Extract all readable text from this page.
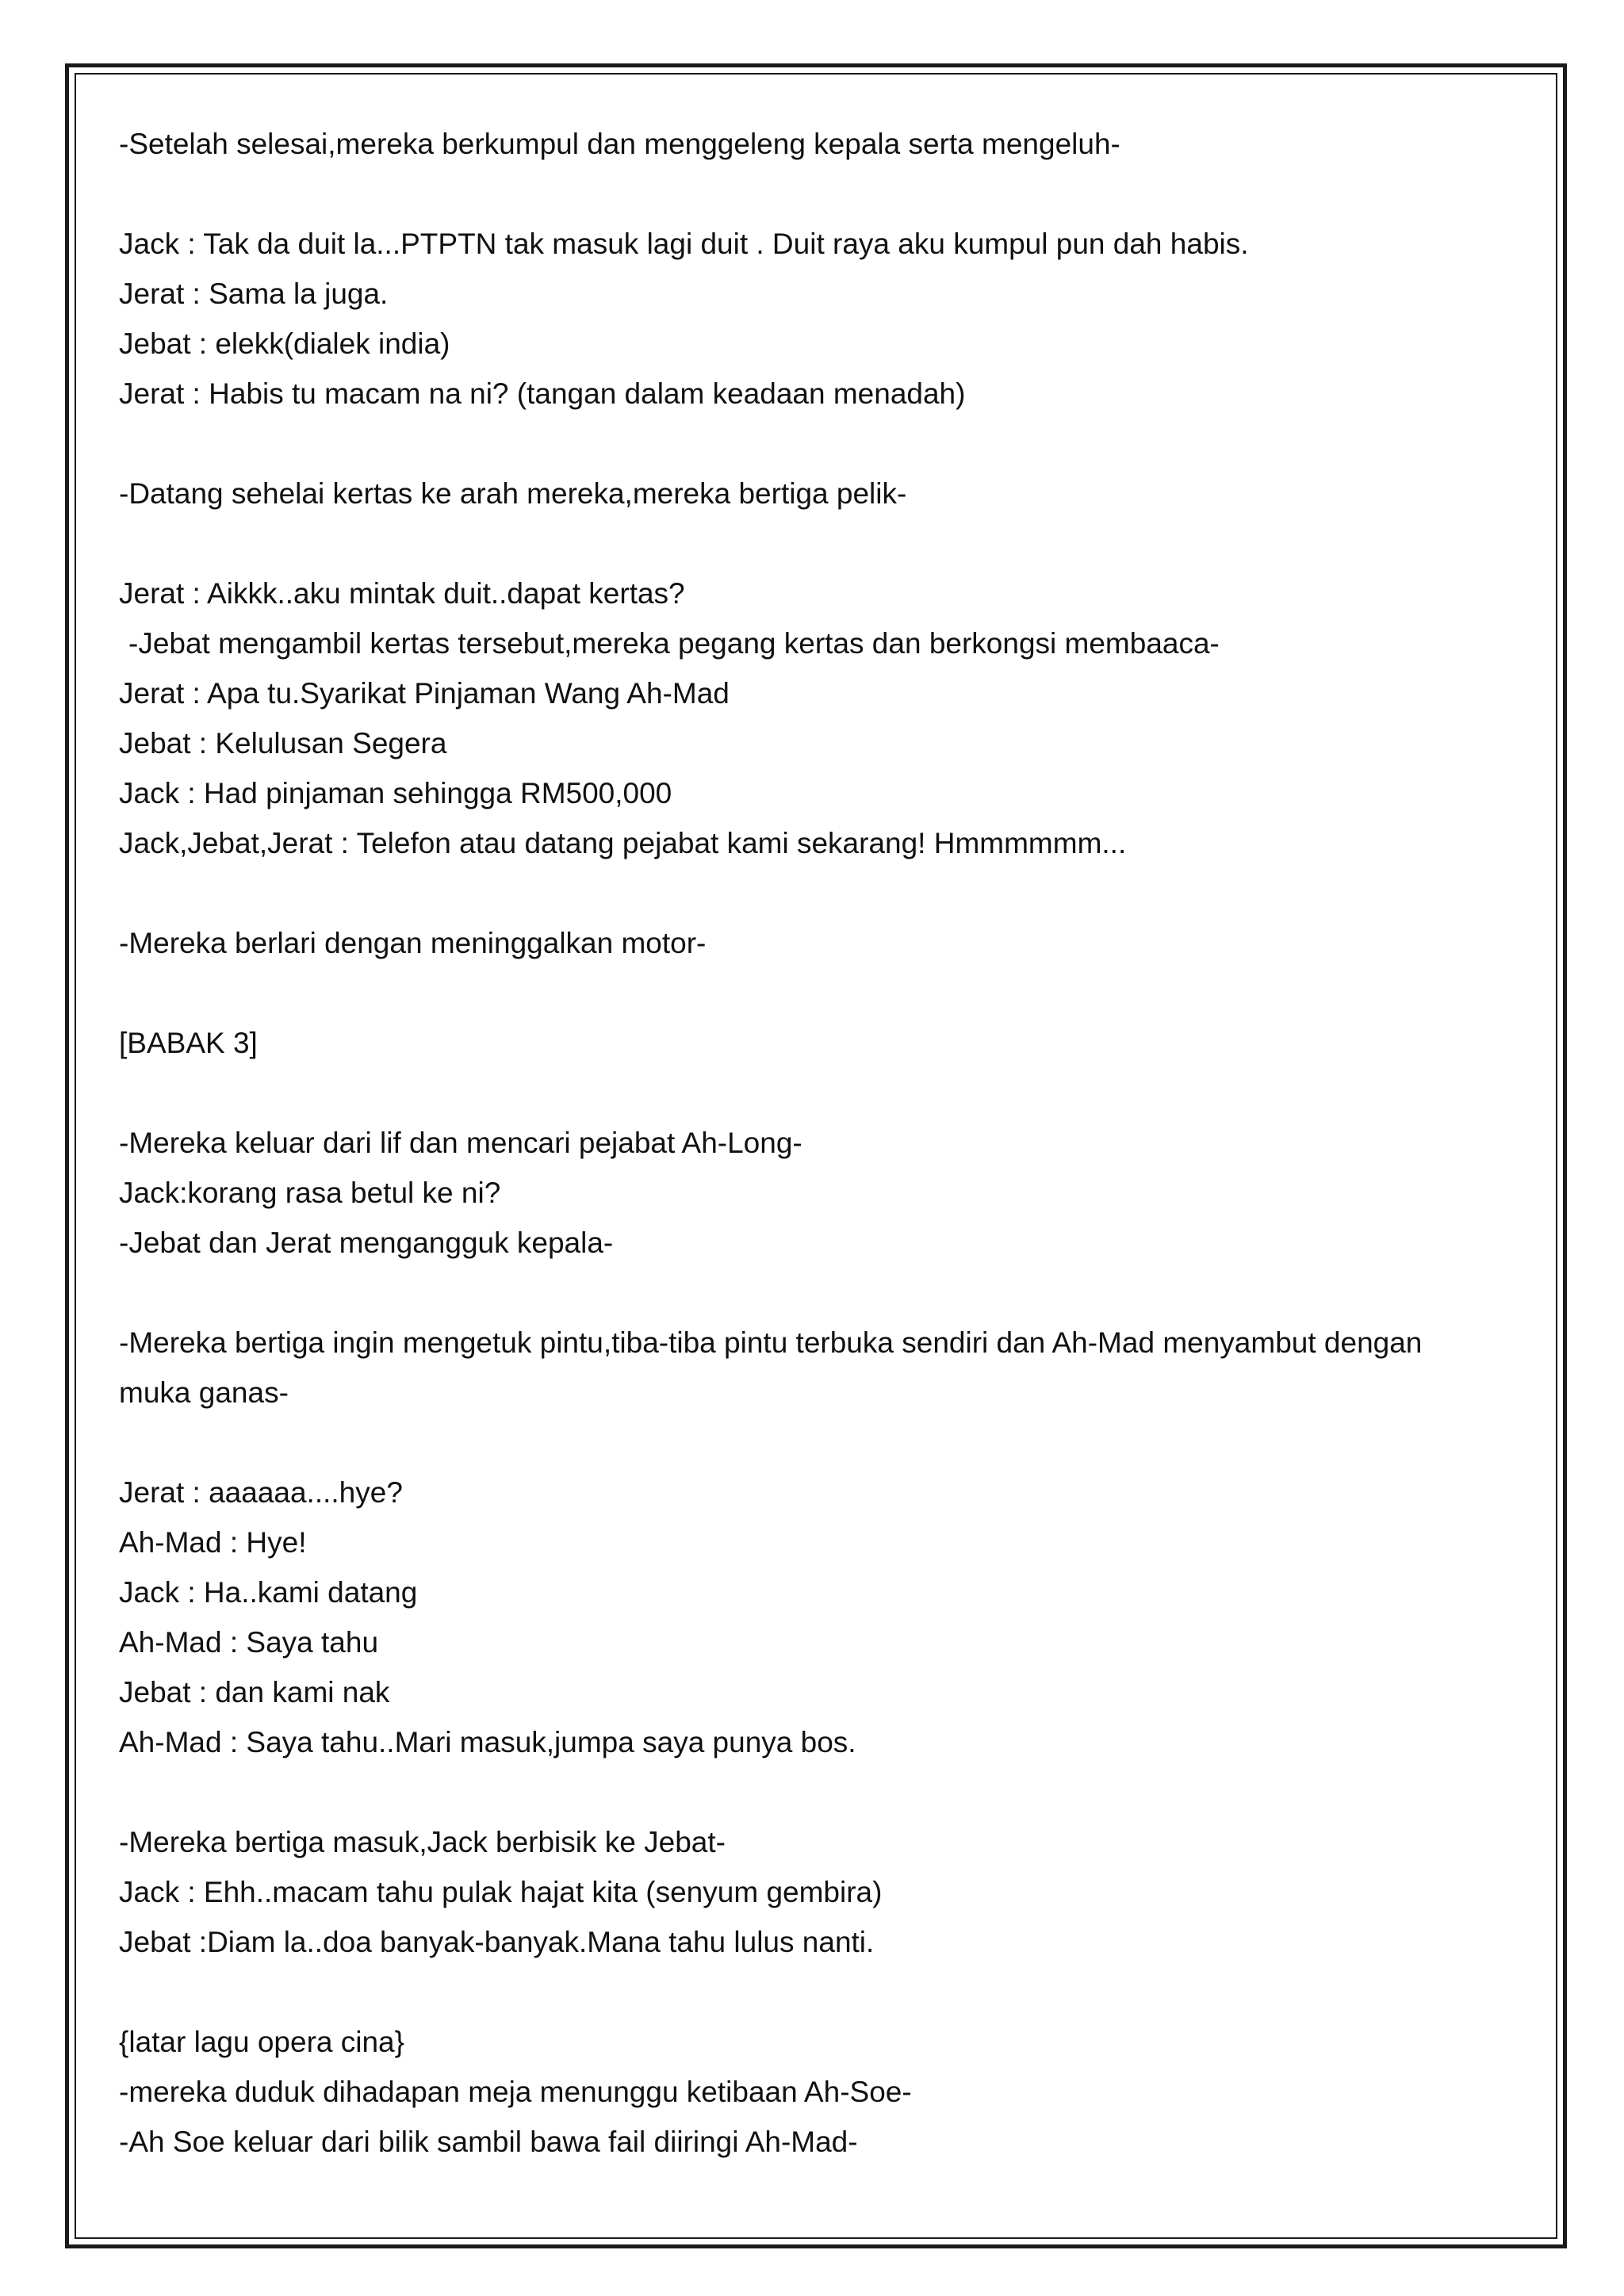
-Setelah selesai,mereka berkumpul dan menggeleng kepala serta mengeluh-
Jack : Tak da duit la...PTPTN tak masuk lagi duit . Duit raya aku kumpul pun dah habis.
Jerat : Sama la juga.
Jebat : elekk(dialek india)
Jerat : Habis tu macam na ni? (tangan dalam keadaan menadah)
-Datang sehelai kertas ke arah mereka,mereka bertiga pelik-
Jerat : Aikkk..aku mintak duit..dapat kertas?
-Jebat mengambil kertas tersebut,mereka pegang kertas dan berkongsi membaaca-
Jerat : Apa tu.Syarikat Pinjaman Wang Ah-Mad
Jebat : Kelulusan Segera
Jack : Had pinjaman sehingga RM500,000
Jack,Jebat,Jerat : Telefon atau datang pejabat kami sekarang! Hmmmmmm...
-Mereka berlari dengan meninggalkan motor-
[BABAK 3]
-Mereka keluar dari lif dan mencari pejabat Ah-Long-
Jack:korang rasa betul ke ni?
-Jebat dan Jerat mengangguk kepala-
-Mereka bertiga ingin mengetuk pintu,tiba-tiba pintu terbuka sendiri dan Ah-Mad menyambut dengan
muka ganas-
Jerat : aaaaaa....hye?
Ah-Mad : Hye!
Jack : Ha..kami datang
Ah-Mad : Saya tahu
Jebat : dan kami nak
Ah-Mad : Saya tahu..Mari masuk,jumpa saya punya bos.
-Mereka bertiga masuk,Jack berbisik ke Jebat-
Jack : Ehh..macam tahu pulak hajat kita (senyum gembira)
Jebat :Diam la..doa banyak-banyak.Mana tahu lulus nanti.
{latar lagu opera cina}
-mereka duduk dihadapan meja menunggu ketibaan Ah-Soe-
-Ah Soe keluar dari bilik sambil bawa fail diiringi Ah-Mad-
